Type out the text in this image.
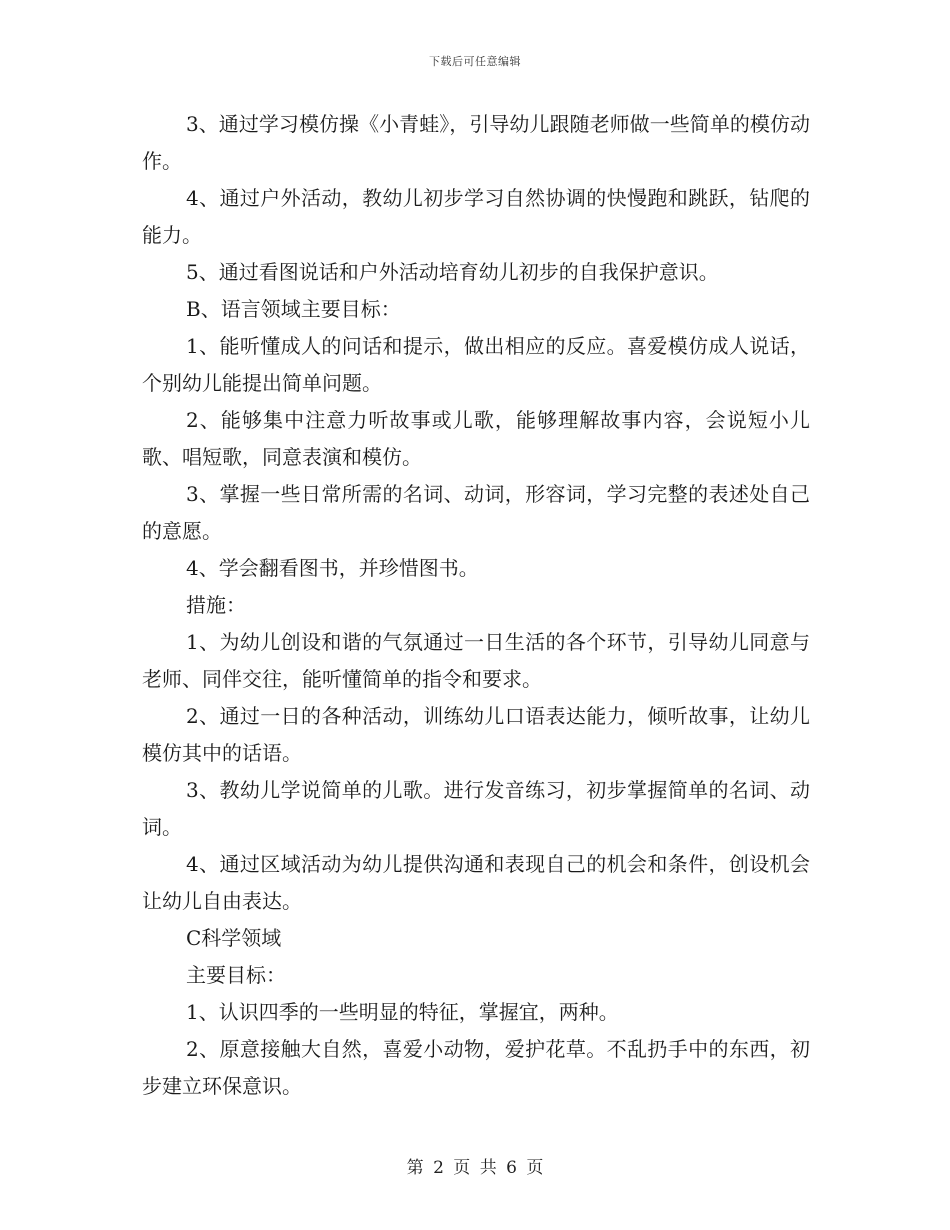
下载后可任意编辑

3、通过学习模仿操《小青蛙》，引导幼儿跟随老师做一些简单的模仿动作。

4、通过户外活动，教幼儿初步学习自然协调的快慢跑和跳跃，钻爬的能力。

5、通过看图说话和户外活动培育幼儿初步的自我保护意识。

B、语言领域主要目标：

1、能听懂成人的问话和提示，做出相应的反应。喜爱模仿成人说话，个别幼儿能提出简单问题。

2、能够集中注意力听故事或儿歌，能够理解故事内容，会说短小儿歌、唱短歌，同意表演和模仿。

3、掌握一些日常所需的名词、动词，形容词，学习完整的表述处自己的意愿。

4、学会翻看图书，并珍惜图书。

措施：

1、为幼儿创设和谐的气氛通过一日生活的各个环节，引导幼儿同意与老师、同伴交往，能听懂简单的指令和要求。

2、通过一日的各种活动，训练幼儿口语表达能力，倾听故事，让幼儿模仿其中的话语。

3、教幼儿学说简单的儿歌。进行发音练习，初步掌握简单的名词、动词。

4、通过区域活动为幼儿提供沟通和表现自己的机会和条件，创设机会让幼儿自由表达。

C科学领域

主要目标：

1、认识四季的一些明显的特征，掌握宜，两种。

2、原意接触大自然，喜爱小动物，爱护花草。不乱扔手中的东西，初步建立环保意识。

第 2 页 共 6 页
